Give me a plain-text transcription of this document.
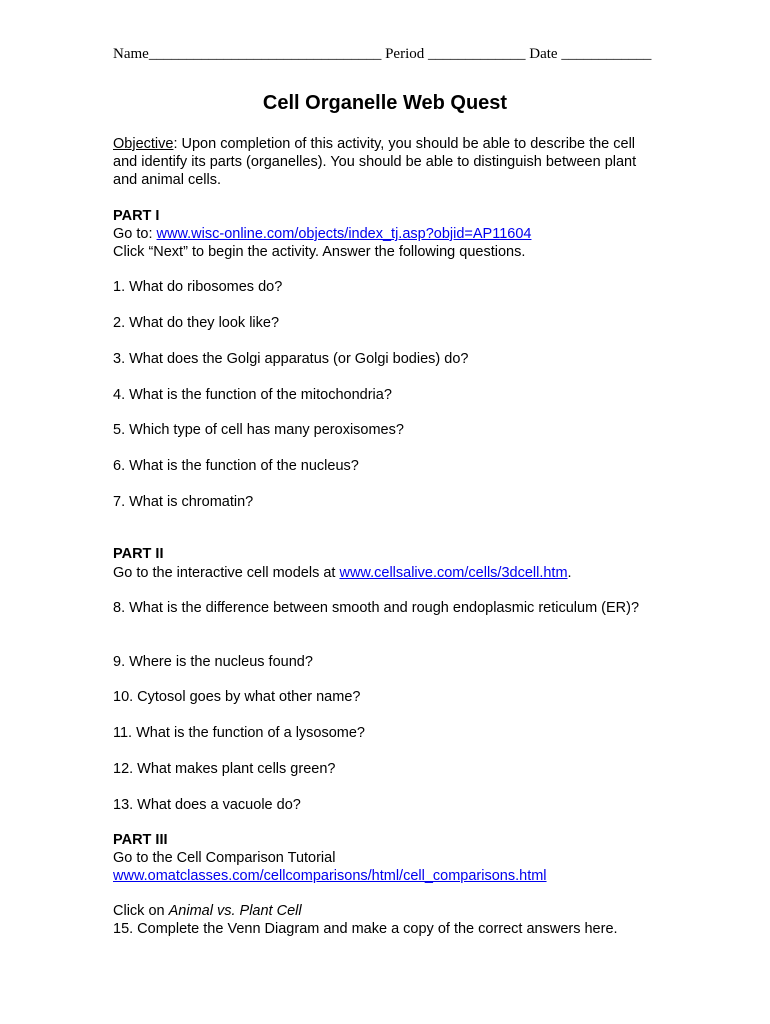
Name_______________________________ Period _____________ Date ____________
Cell Organelle Web Quest

Objective: Upon completion of this activity, you should be able to describe the cell and identify its parts (organelles). You should be able to distinguish between plant and animal cells.

PART I

Go to: www.wisc-online.com/objects/index_tj.asp?objid=AP11604

Click “Next” to begin the activity. Answer the following questions.

1. What do ribosomes do?

2. What do they look like?

3. What does the Golgi apparatus (or Golgi bodies) do?

4. What is the function of the mitochondria?

5. Which type of cell has many peroxisomes?

6. What is the function of the nucleus?

7. What is chromatin?

PART II

Go to the interactive cell models at www.cellsalive.com/cells/3dcell.htm.

8. What is the difference between smooth and rough endoplasmic reticulum (ER)?

9. Where is the nucleus found?

10. Cytosol goes by what other name?

11. What is the function of a lysosome?

12. What makes plant cells green?

13. What does a vacuole do?

PART III

Go to the Cell Comparison Tutorial

www.omatclasses.com/cellcomparisons/html/cell_comparisons.html

Click on Animal vs. Plant Cell

15. Complete the Venn Diagram and make a copy of the correct answers here.
